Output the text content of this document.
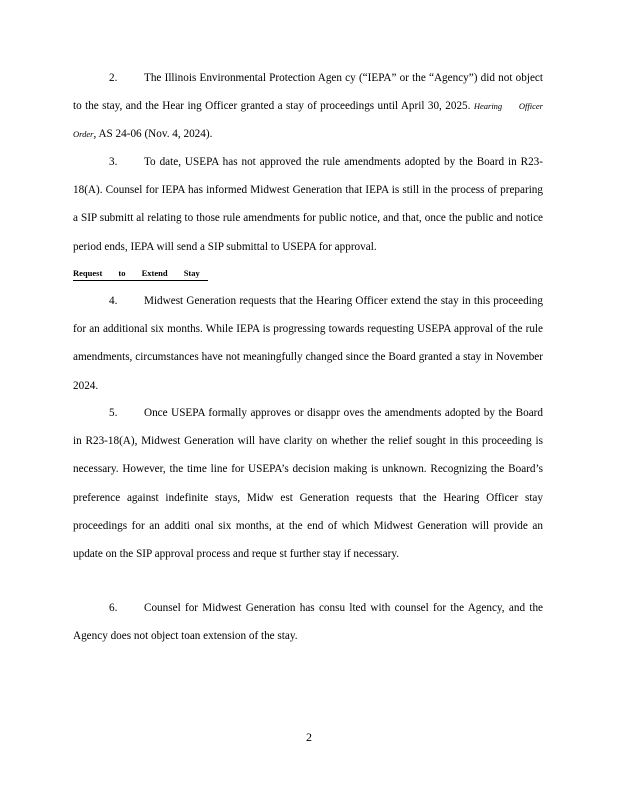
2. The Illinois Environmental Protection Agen cy (“IEPA” or the “Agency”) did not object to the stay, and the Hear ing Officer granted a stay of proceedings until April 30, 2025. Hearing Officer Order, AS 24-06 (Nov. 4, 2024).

3. To date, USEPA has not approved the rule amendments adopted by the Board in R23-18(A). Counsel for IEPA has informed Midwest Generation that IEPA is still in the process of preparing a SIP submitt al relating to those rule amendments for public notice, and that, once the public and notice period ends, IEPA will send a SIP submittal to USEPA for approval.

Request to Extend Stay

4. Midwest Generation requests that the Hearing Officer extend the stay in this proceeding for an additional six months. While IEPA is progressing towards requesting USEPA approval of the rule amendments, circumstances have not meaningfully changed since the Board granted a stay in November 2024.

5. Once USEPA formally approves or disappr oves the amendments adopted by the Board in R23-18(A), Midwest Generation will have clarity on whether the relief sought in this proceeding is necessary. However, the time line for USEPA’s decision making is unknown. Recognizing the Board’s preference against indefinite stays, Midw est Generation requests that the Hearing Officer stay proceedings for an additi onal six months, at the end of which Midwest Generation will provide an update on the SIP approval process and reque st further stay if necessary.

6. Counsel for Midwest Generation has consu lted with counsel for the Agency, and the Agency does not object toan extension of the stay.

2
